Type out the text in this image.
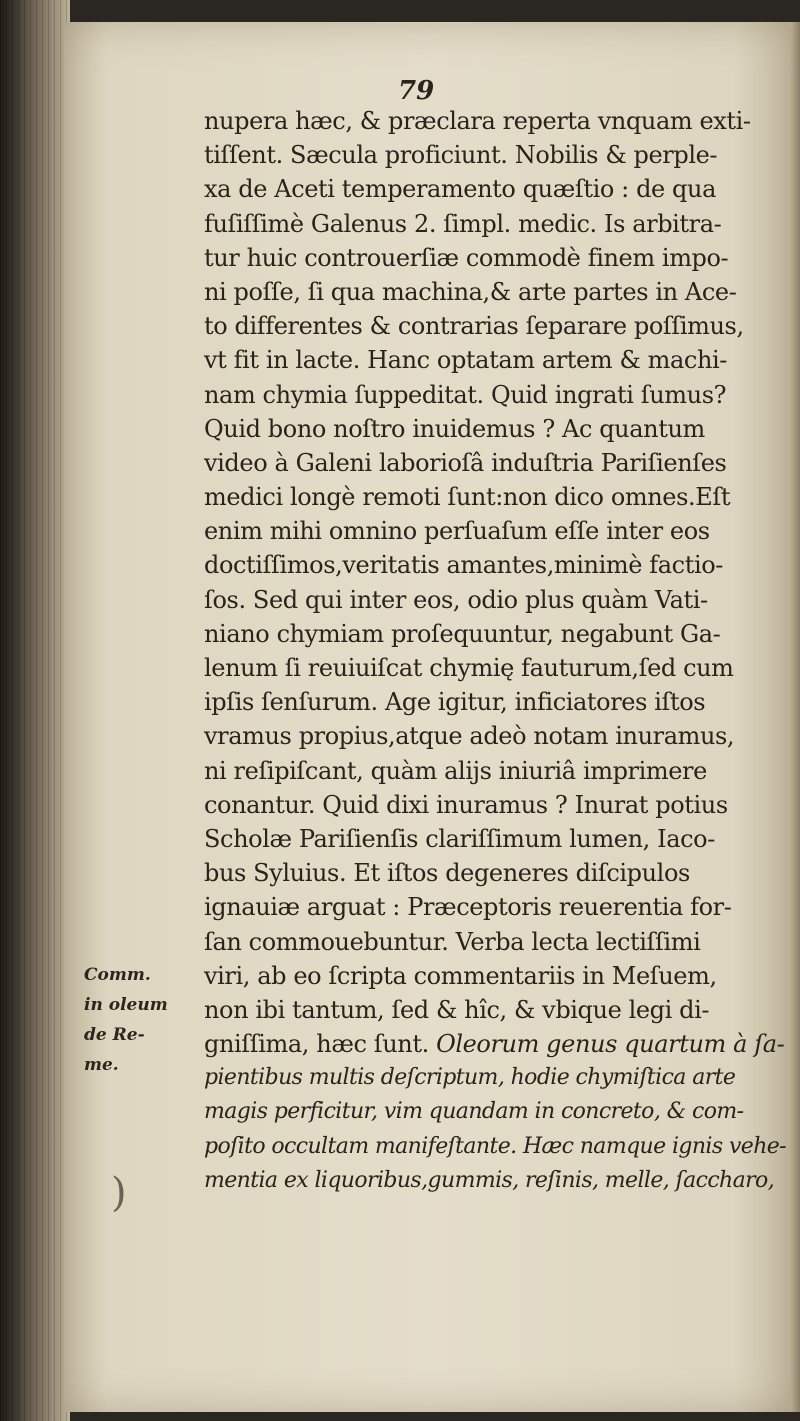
79
nupera hæc, & præclara reperta vnquam exti-
tiſſent. Sæcula proficiunt. Nobilis & perple-
xa de Aceti temperamento quæſtio : de qua
fuſiſſimè Galenus 2. ſimpl. medic. Is arbitra-
tur huic controuerſiæ commodè finem impo-
ni poſſe, ſi qua machina,& arte partes in Ace-
to differentes & contrarias ſeparare poſſimus,
vt fit in lacte. Hanc optatam artem & machi-
nam chymia ſuppeditat. Quid ingrati ſumus?
Quid bono noſtro inuidemus ? Ac quantum
video à Galeni laborioſâ induſtria Pariſienſes
medici longè remoti ſunt:non dico omnes.Eſt
enim mihi omnino perſuaſum eſſe inter eos
doctiſſimos,veritatis amantes,minimè factio-
ſos. Sed qui inter eos, odio plus quàm Vati-
niano chymiam proſequuntur, negabunt Ga-
lenum ſi reuiuiſcat chymię fauturum,ſed cum
ipſis ſenſurum. Age igitur, inficiatores iſtos
vramus propius,atque adeò notam inuramus,
ni reſipiſcant, quàm alijs iniuriâ imprimere
conantur. Quid dixi inuramus ? Inurat potius
Scholæ Pariſienſis clariſſimum lumen, Iaco-
bus Syluius. Et iſtos degeneres diſcipulos
ignauiæ arguat : Præceptoris reuerentia for-
ſan commouebuntur. Verba lecta lectiſſimi
viri, ab eo ſcripta commentariis in Meſuem,
non ibi tantum, ſed & hîc, & vbique legi di-
gniſſima, hæc ſunt. Oleorum genus quartum à ſa-
pientibus multis deſcriptum, hodie chymiſtica arte
magis perficitur, vim quandam in concreto, & com-
poſito occultam manifeſtante. Hæc namque ignis vehe-
mentia ex liquoribus,gummis, reſinis, melle, ſaccharo,
Comm.
in oleum
de Re-
me.
)
